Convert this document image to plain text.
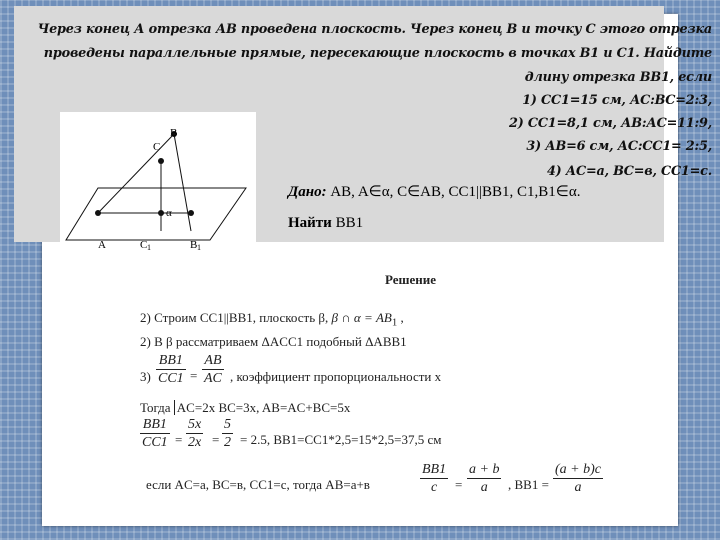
Через конец А отрезка АВ проведена плоскость. Через конец В и точку С этого отрезка

проведены параллельные прямые, пересекающие плоскость в точках В1 и С1. Найдите

длину отрезка ВВ1, если

1) СС1=15 см, АС:ВС=2:3,

2) СС1=8,1 см, АВ:АС=11:9,

3) АВ=6 см, АС:СС1= 2:5,

4) АС=а, ВС=в, СС1=с.

A	C 1	B 1
C
B
α
Дано: AB, A∈α, C∈AB, CC1||BB1, C1,B1∈α.
Найти BB1
Решение
2) Строим CC1||BB1, плоскость β, β ∩ $\alpha = AB_1$ ,
2) В β рассматриваем ΔACC1 подобный ΔABB1
$3) \frac{BB1}{CC1} = \frac{AB}{AC}$ , коэффициент пропорциональности х
Тогда AC=2x BC=3x, AB=AC+BC=5x
$\frac{BB1}{CC1} = \frac{5x}{2x} = \frac{5}{2} = 2.5$, BB1=CC1*2,5=15*2,5=37,5 см
если AC=a, BC=в, CC1=c, тогда AB=a+в	$\frac{BB1}{c} = \frac{a + b}{a}$ , $BB1 = \frac{(a + b)c}{a}$
